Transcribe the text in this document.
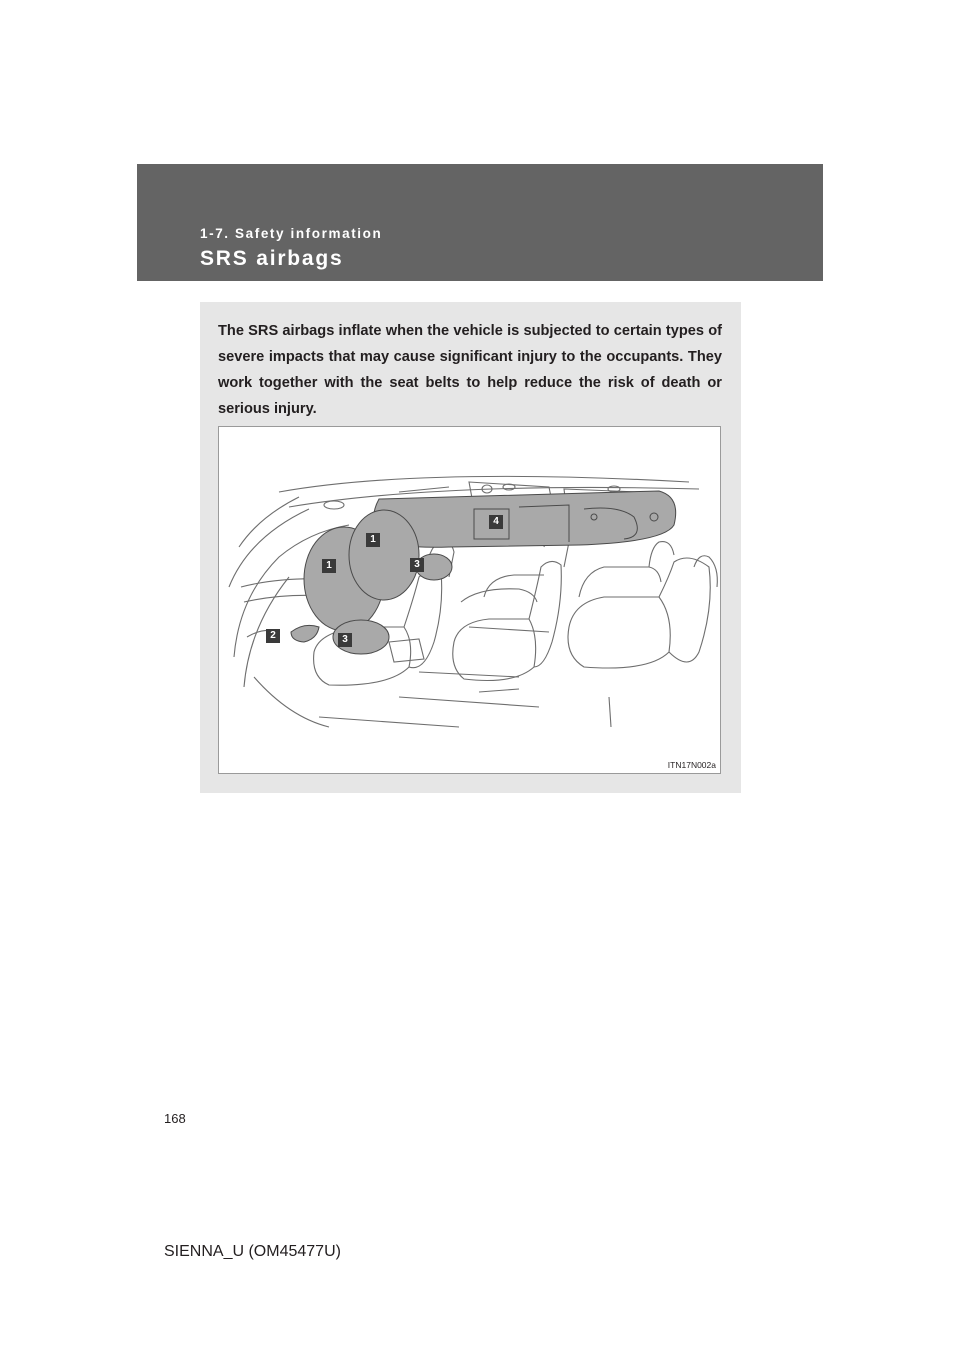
1-7. Safety information
SRS airbags
The SRS airbags inflate when the vehicle is subjected to certain types of severe impacts that may cause significant injury to the occupants. They work together with the seat belts to help reduce the risk of death or serious injury.
1
1
2
3
3
4
ITN17N002a
168
SIENNA_U (OM45477U)
